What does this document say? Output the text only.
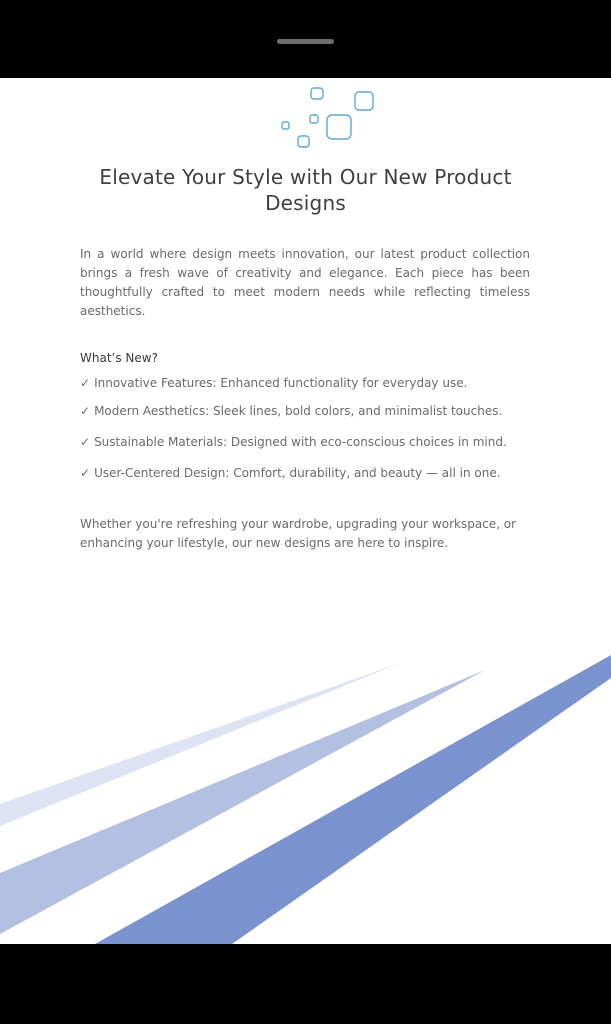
Elevate Your Style with Our New Product Designs

In a world where design meets innovation, our latest product collection brings a fresh wave of creativity and elegance. Each piece has been thoughtfully crafted to meet modern needs while reflecting timeless aesthetics.

What’s New?

✓ Innovative Features: Enhanced functionality for everyday use.

✓ Modern Aesthetics: Sleek lines, bold colors, and minimalist touches.

✓ Sustainable Materials: Designed with eco-conscious choices in mind.

✓ User-Centered Design: Comfort, durability, and beauty — all in one.

Whether you're refreshing your wardrobe, upgrading your workspace, or enhancing your lifestyle, our new designs are here to inspire.
